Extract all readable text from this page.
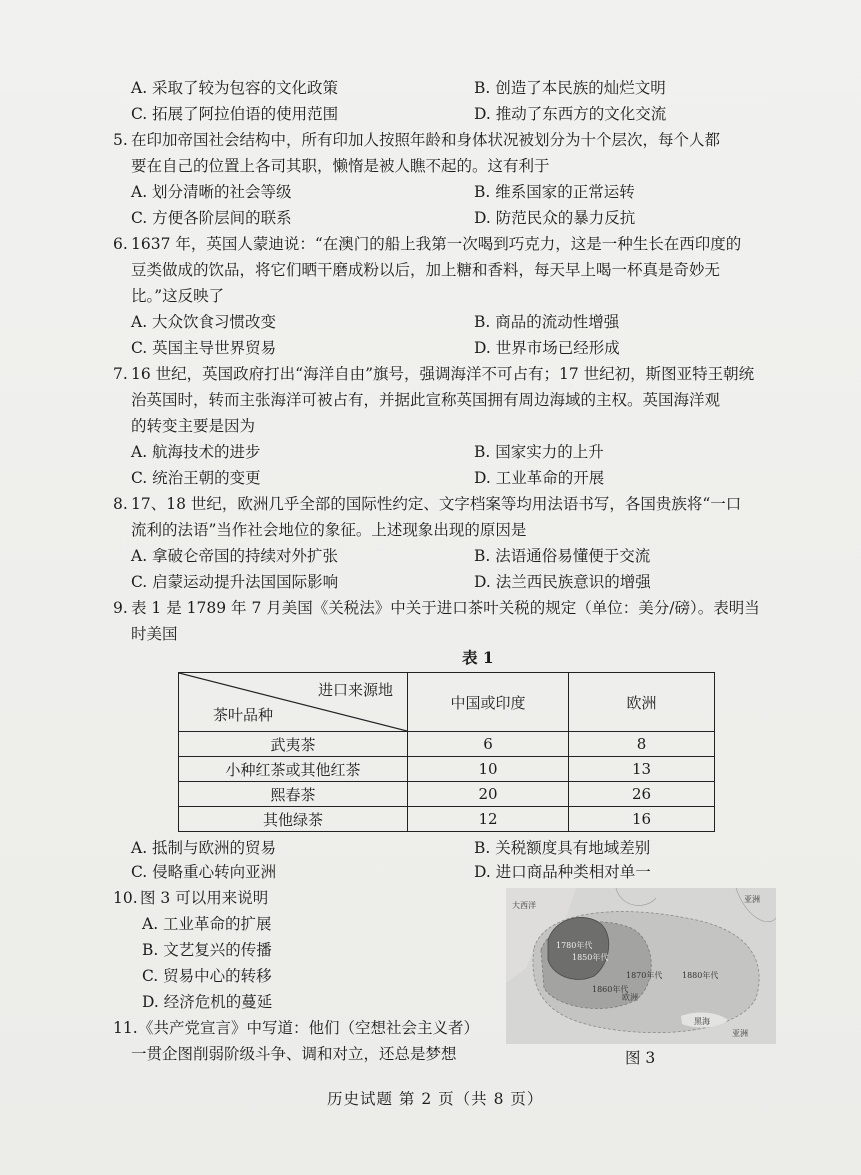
A. 采取了较为包容的文化政策	B. 创造了本民族的灿烂文明
C. 拓展了阿拉伯语的使用范围	D. 推动了东西方的文化交流
5. 在印加帝国社会结构中，所有印加人按照年龄和身体状况被划分为十个层次，每个人都
要在自己的位置上各司其职，懒惰是被人瞧不起的。这有利于
A. 划分清晰的社会等级	B. 维系国家的正常运转
C. 方便各阶层间的联系	D. 防范民众的暴力反抗
6. 1637 年，英国人蒙迪说：“在澳门的船上我第一次喝到巧克力，这是一种生长在西印度的
豆类做成的饮品，将它们晒干磨成粉以后，加上糖和香料，每天早上喝一杯真是奇妙无
比。”这反映了
A. 大众饮食习惯改变	B. 商品的流动性增强
C. 英国主导世界贸易	D. 世界市场已经形成
7. 16 世纪，英国政府打出“海洋自由”旗号，强调海洋不可占有；17 世纪初，斯图亚特王朝统
治英国时，转而主张海洋可被占有，并据此宣称英国拥有周边海域的主权。英国海洋观
的转变主要是因为
A. 航海技术的进步	B. 国家实力的上升
C. 统治王朝的变更	D. 工业革命的开展
8. 17、18 世纪，欧洲几乎全部的国际性约定、文字档案等均用法语书写，各国贵族将“一口
流利的法语”当作社会地位的象征。上述现象出现的原因是
A. 拿破仑帝国的持续对外扩张	B. 法语通俗易懂便于交流
C. 启蒙运动提升法国国际影响	D. 法兰西民族意识的增强
9. 表 1 是 1789 年 7 月美国《关税法》中关于进口茶叶关税的规定（单位：美分/磅）。表明当
时美国
表 1
进口来源地
茶叶品种	中国或印度	欧洲
武夷茶	6	8
小种红茶或其他红茶	10	13
熙春茶	20	26
其他绿茶	12	16
A. 抵制与欧洲的贸易	B. 关税额度具有地域差别
C. 侵略重心转向亚洲	D. 进口商品种类相对单一
10. 图 3 可以用来说明
A. 工业革命的扩展
B. 文艺复兴的传播
C. 贸易中心的转移
D. 经济危机的蔓延
大西洋
亚洲
1780年代
1850年代
1860年代
1870年代 1880年代
欧洲
黑海
亚洲
图 3
11. 《共产党宣言》中写道：他们（空想社会主义者）
一贯企图削弱阶级斗争、调和对立，还总是梦想
历史试题 第 2 页（共 8 页）
